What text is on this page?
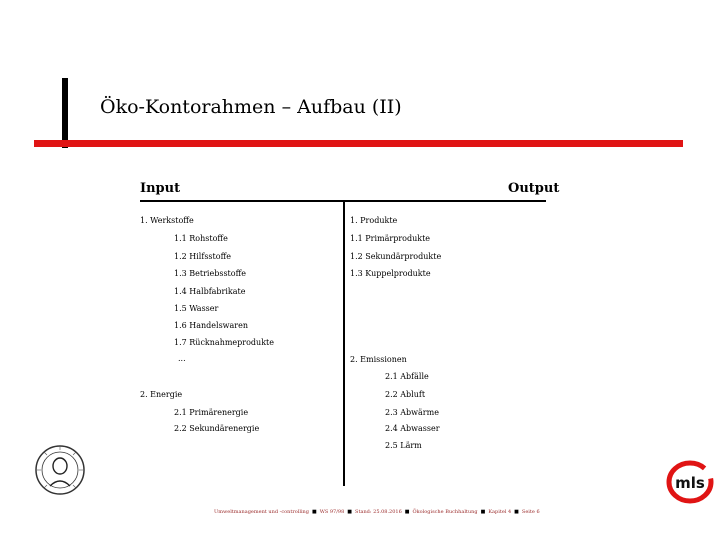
Öko-Kontorahmen – Aufbau (II)
Input	Output
1. Werkstoffe
1.1 Rohstoffe
1.2 Hilfsstoffe
1.3 Betriebsstoffe
1.4 Halbfabrikate
1.5 Wasser
1.6 Handelswaren
1.7 Rücknahmeprodukte
...
2. Energie
2.1 Primärenergie
2.2 Sekundärenergie
1. Produkte
1.1 Primärprodukte
1.2 Sekundärprodukte
1.3 Kuppelprodukte
2. Emissionen
2.1 Abfälle
2.2 Abluft
2.3 Abwärme
2.4 Abwasser
2.5 Lärm
mls
Umweltmanagement und -controlling ■ WS 97/98 ■ Stand: 25.08.2016 ■ Ökologische Buchhaltung ■ Kapitel 4 ■ Seite 6
